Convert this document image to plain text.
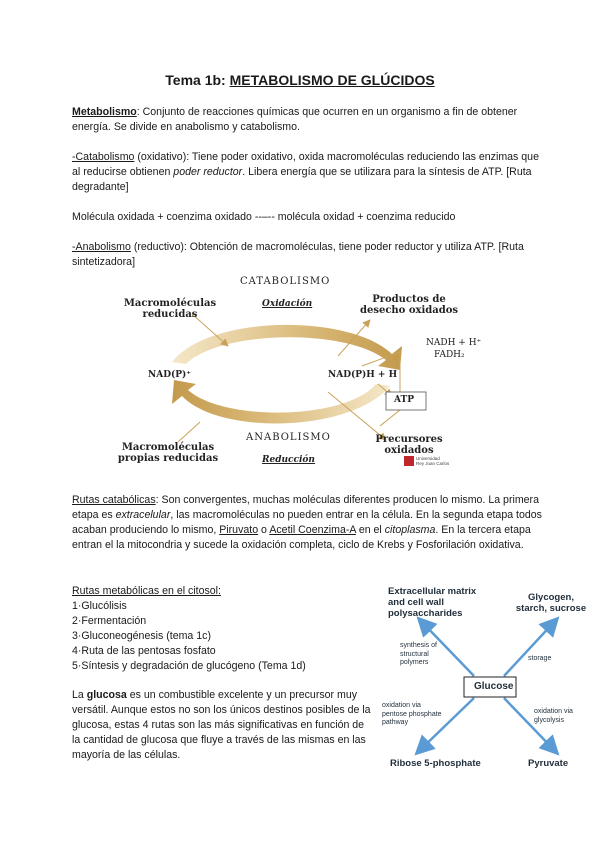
Tema 1b: METABOLISMO DE GLÚCIDOS
Metabolismo: Conjunto de reacciones químicas que ocurren en un organismo a fin de obtener energía. Se divide en anabolismo y catabolismo.
-Catabolismo (oxidativo): Tiene poder oxidativo, oxida macromoléculas reduciendo las enzimas que al reducirse obtienen poder reductor. Libera energía que se utilizara para la síntesis de ATP. [Ruta degradante]
Molécula oxidada + coenzima oxidado --–-- molécula oxidad + coenzima reducido
-Anabolismo (reductivo): Obtención de macromoléculas, tiene poder reductor y utiliza ATP. [Ruta sintetizadora]
CATABOLISMO
Oxidación
Macromoléculas
reducidas
Productos de
desecho oxidados
NADH + H⁺
FADH₂
NAD(P)⁺	NAD(P)H + H
ATP
ANABOLISMO
Reducción
Macromoléculas
propias reducidas
Precursores
oxidados
Universidad
Rey Juan Carlos
Rutas catabólicas: Son convergentes, muchas moléculas diferentes producen lo mismo. La primera etapa es extracelular, las macromoléculas no pueden entrar en la célula. En la segunda etapa todos acaban produciendo lo mismo, Piruvato o Acetil Coenzima-A en el citoplasma. En la tercera etapa entran el la mitocondria y sucede la oxidación completa, ciclo de Krebs y Fosforilación oxidativa.
Rutas metabólicas en el citosol:
1·Glucólisis
2·Fermentación
3·Gluconeogénesis (tema 1c)
4·Ruta de las pentosas fosfato
5·Síntesis y degradación de glucógeno (Tema 1d)
La glucosa es un combustible excelente y un precursor muy versátil. Aunque estos no son los únicos destinos posibles de la glucosa, estas 4 rutas son las más significativas en función de la cantidad de glucosa que fluye a través de las mismas en las mayoría de las células.
Glucose
Extracellular matrix
and cell wall
polysaccharides
Glycogen,
starch, sucrose
Ribose 5-phosphate	Pyruvate
synthesis of
structural
polymers
storage
oxidation via
pentose phosphate
pathway
oxidation via
glycolysis
